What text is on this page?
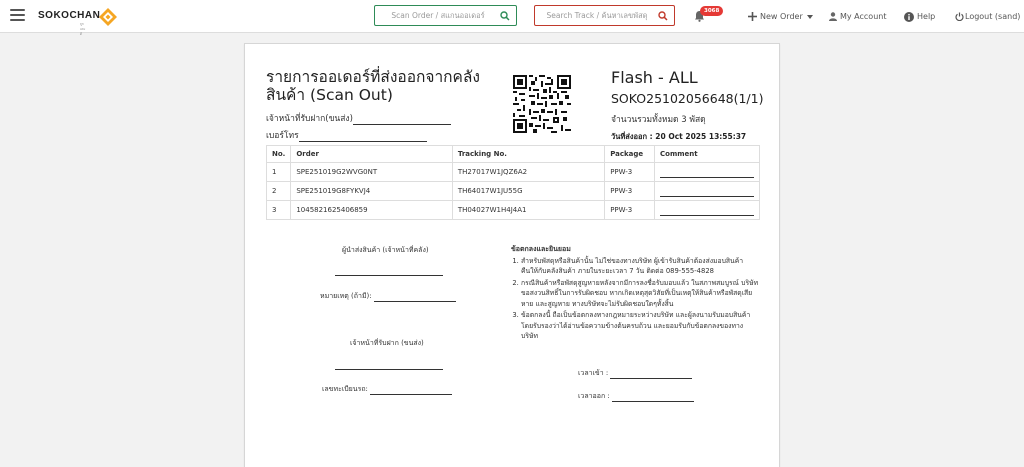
SOKOCHAN
ถูกและดี
Scan Order / สแกนออเดอร์
Search Track / ค้นหาเลขพัสดุ
3068
New Order	My Account	Help	Logout (sand)
รายการออเดอร์ที่ส่งออกจากคลังสินค้า (Scan Out)
เจ้าหน้าที่รับฝาก(ขนส่ง)
เบอร์โทร
Flash - ALL
SOKO25102056648(1/1)
จำนวนรวมทั้งหมด 3 พัสดุ
วันที่ส่งออก : 20 Oct 2025 13:55:37
No.	Order	Tracking No.	Package	Comment
1	SPE251019G2WVG0NT	TH27017W1JQZ6A2	PPW-3	

2	SPE251019G8FYKVJ4	TH64017W1JU55G	PPW-3	

3	1045821625406859	TH04027W1H4J4A1	PPW-3	
ผู้นำส่งสินค้า (เจ้าหน้าที่คลัง)
หมายเหตุ (ถ้ามี):
เจ้าหน้าที่รับฝาก (ขนส่ง)
เลขทะเบียนรถ:
ข้อตกลงและยินยอม
1. สำหรับพัสดุหรือสินค้านั้น ไม่ใช่ของทางบริษัท ผู้เข้ารับสินค้าต้องส่งมอบสินค้าคืนให้กับคลังสินค้า ภายในระยะเวลา 7 วัน ติดต่อ 089-555-4828
2. กรณีสินค้าหรือพัสดุสูญหายหลังจากมีการลงชื่อรับมอบแล้ว ในสภาพสมบูรณ์ บริษัทขอสงวนสิทธิ์ในการรับผิดชอบ หากเกิดเหตุสุดวิสัยที่เป็นเหตุให้สินค้าหรือพัสดุเสียหาย และสูญหาย ทางบริษัทจะไม่รับผิดชอบใดๆทั้งสิ้น
3. ข้อตกลงนี้ ถือเป็นข้อตกลงทางกฎหมายระหว่างบริษัท และผู้ลงนามรับมอบสินค้า โดยรับรองว่าได้อ่านข้อความข้างต้นครบถ้วน และยอมรับกับข้อตกลงของทางบริษัท
เวลาเข้า :
เวลาออก :
